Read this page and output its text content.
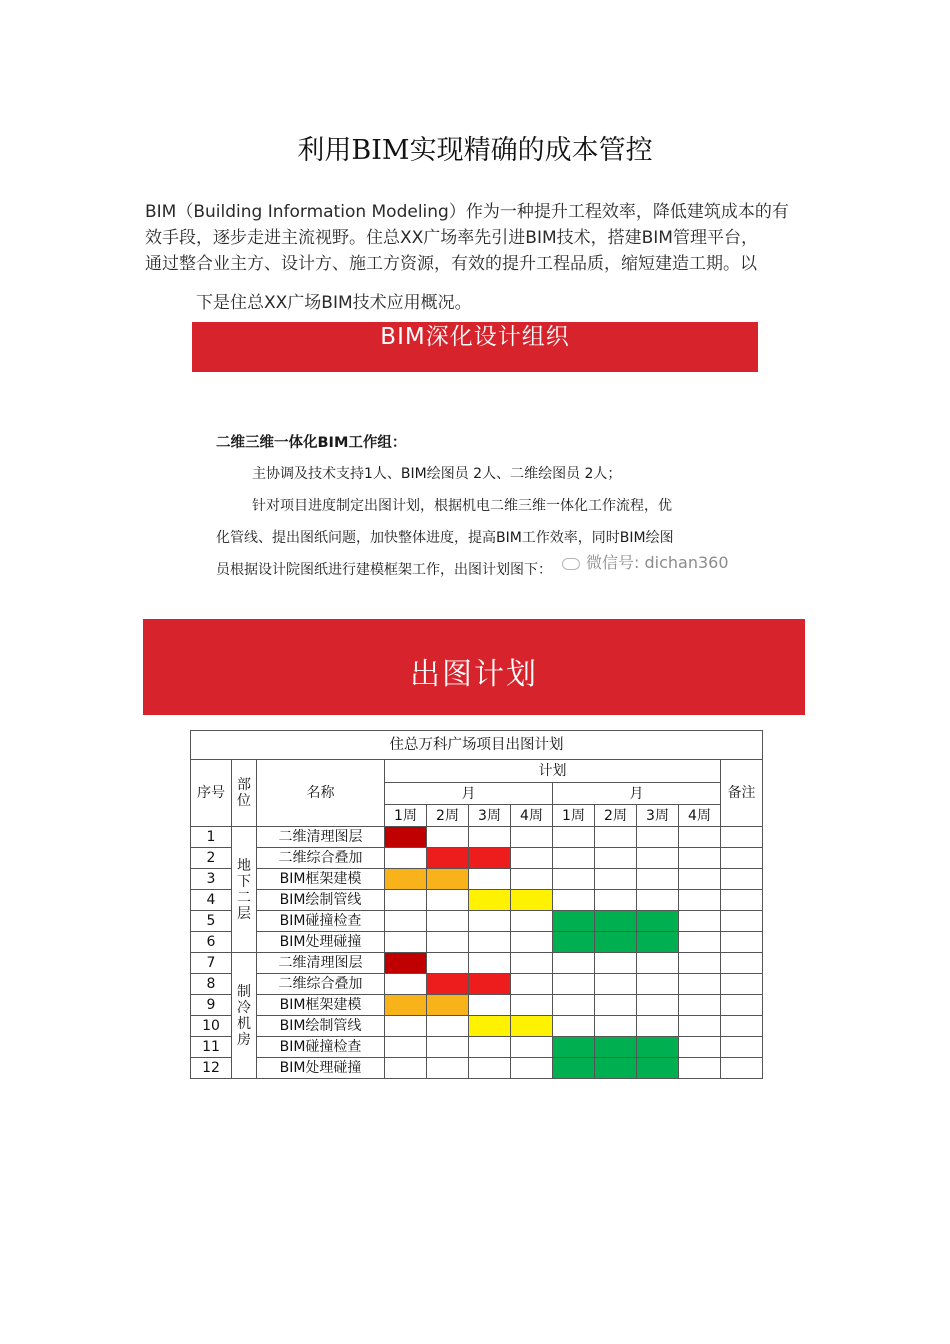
利用BIM实现精确的成本管控
BIM（Building Information Modeling）作为一种提升工程效率，降低建筑成本的有
效手段，逐步走进主流视野。住总XX广场率先引进BIM技术，搭建BIM管理平台，
通过整合业主方、设计方、施工方资源，有效的提升工程品质，缩短建造工期。以
下是住总XX广场BIM技术应用概况。
BIM深化设计组织
二维三维一体化BIM工作组：
主协调及技术支持1人、BIM绘图员 2人、二维绘图员 2人；
针对项目进度制定出图计划，根据机电二维三维一体化工作流程，优
化管线、提出图纸问题，加快整体进度，提高BIM工作效率，同时BIM绘图
员根据设计院图纸进行建模框架工作，出图计划图下：	微信号: dichan360
出图计划
住总万科广场项目出图计划											
序号	部位	名称	计划								备注
			月				月				
			1周	2周	3周	4周	1周	2周	3周	4周	
1	地下二层	二维清理图层									
2		二维综合叠加									
3		BIM框架建模									
4		BIM绘制管线									
5		BIM碰撞检查									
6		BIM处理碰撞									
7	制冷机房	二维清理图层									
8		二维综合叠加									
9		BIM框架建模									
10		BIM绘制管线									
11		BIM碰撞检查									
12		BIM处理碰撞									
